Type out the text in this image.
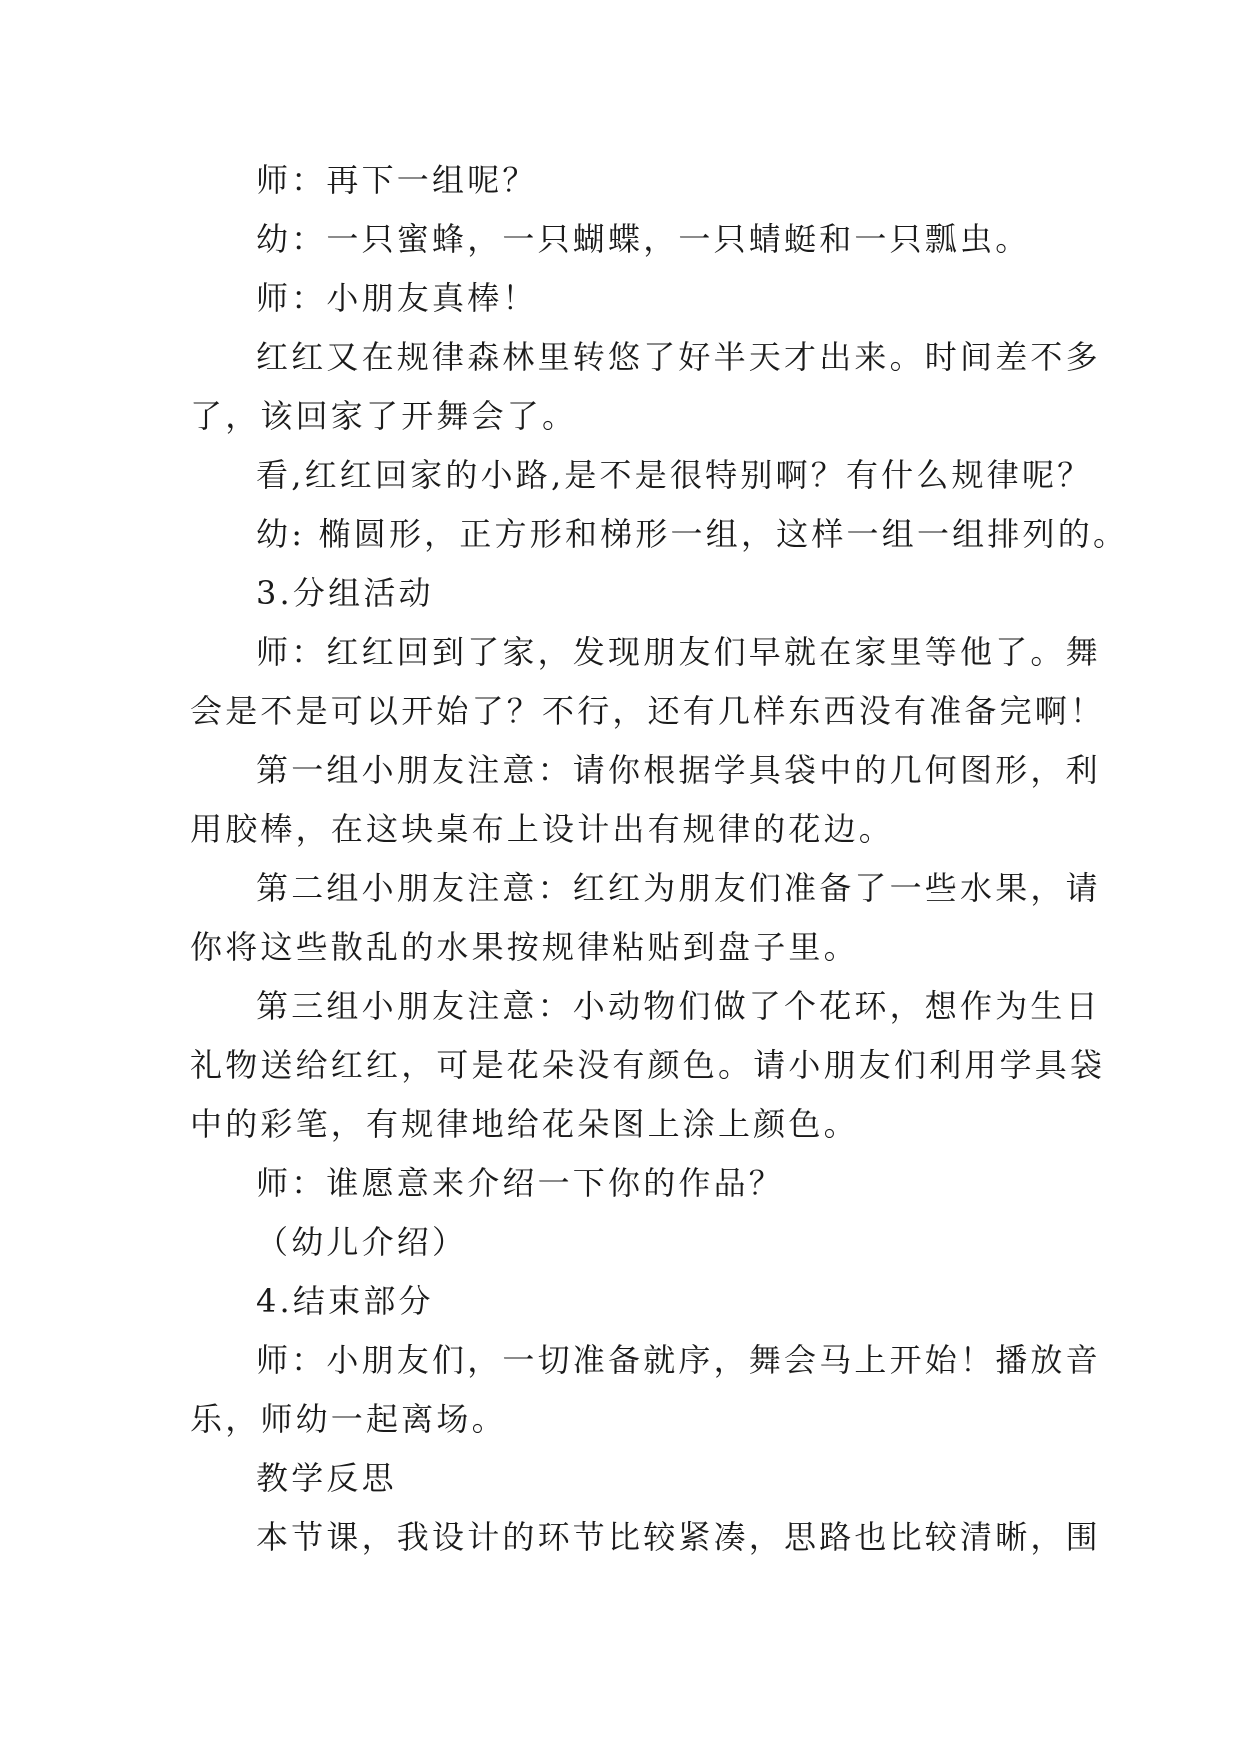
师：再下一组呢？
幼：一只蜜蜂，一只蝴蝶，一只蜻蜓和一只瓢虫。
师：小朋友真棒！
红红又在规律森林里转悠了好半天才出来。时间差不多
了，该回家了开舞会了。
看,红红回家的小路,是不是很特别啊？有什么规律呢？
幼: 椭圆形，正方形和梯形一组，这样一组一组排列的。
3.分组活动
师：红红回到了家，发现朋友们早就在家里等他了。舞
会是不是可以开始了？不行，还有几样东西没有准备完啊！
第一组小朋友注意：请你根据学具袋中的几何图形，利
用胶棒，在这块桌布上设计出有规律的花边。
第二组小朋友注意：红红为朋友们准备了一些水果，请
你将这些散乱的水果按规律粘贴到盘子里。
第三组小朋友注意：小动物们做了个花环，想作为生日
礼物送给红红，可是花朵没有颜色。请小朋友们利用学具袋
中的彩笔，有规律地给花朵图上涂上颜色。
师：谁愿意来介绍一下你的作品？
（幼儿介绍）
4.结束部分
师：小朋友们，一切准备就序，舞会马上开始！播放音
乐，师幼一起离场。
教学反思
本节课，我设计的环节比较紧凑，思路也比较清晰，围
